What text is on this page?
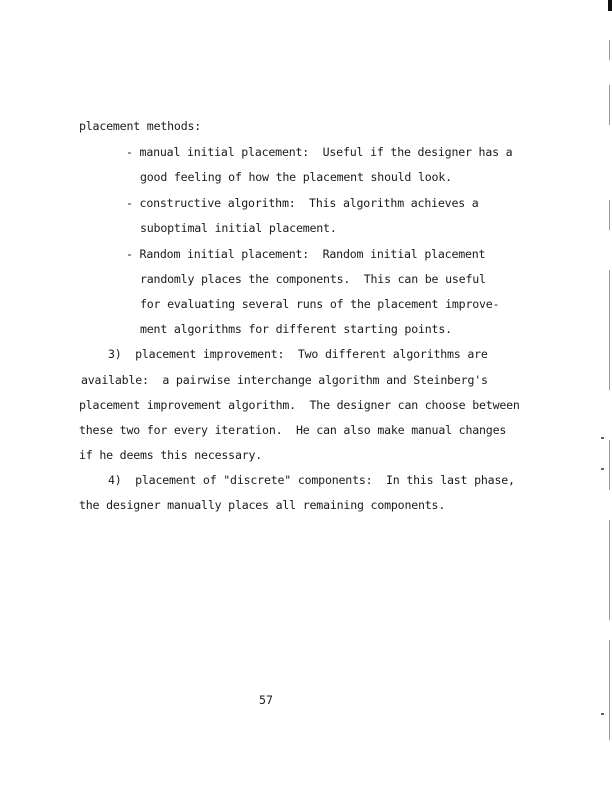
placement methods:
- manual initial placement:  Useful if the designer has a
good feeling of how the placement should look.
- constructive algorithm:  This algorithm achieves a
suboptimal initial placement.
- Random initial placement:  Random initial placement
randomly places the components.  This can be useful
for evaluating several runs of the placement improve-
ment algorithms for different starting points.
3)  placement improvement:  Two different algorithms are
available:  a pairwise interchange algorithm and Steinberg's
placement improvement algorithm.  The designer can choose between
these two for every iteration.  He can also make manual changes
if he deems this necessary.
4)  placement of "discrete" components:  In this last phase,
the designer manually places all remaining components.
57
